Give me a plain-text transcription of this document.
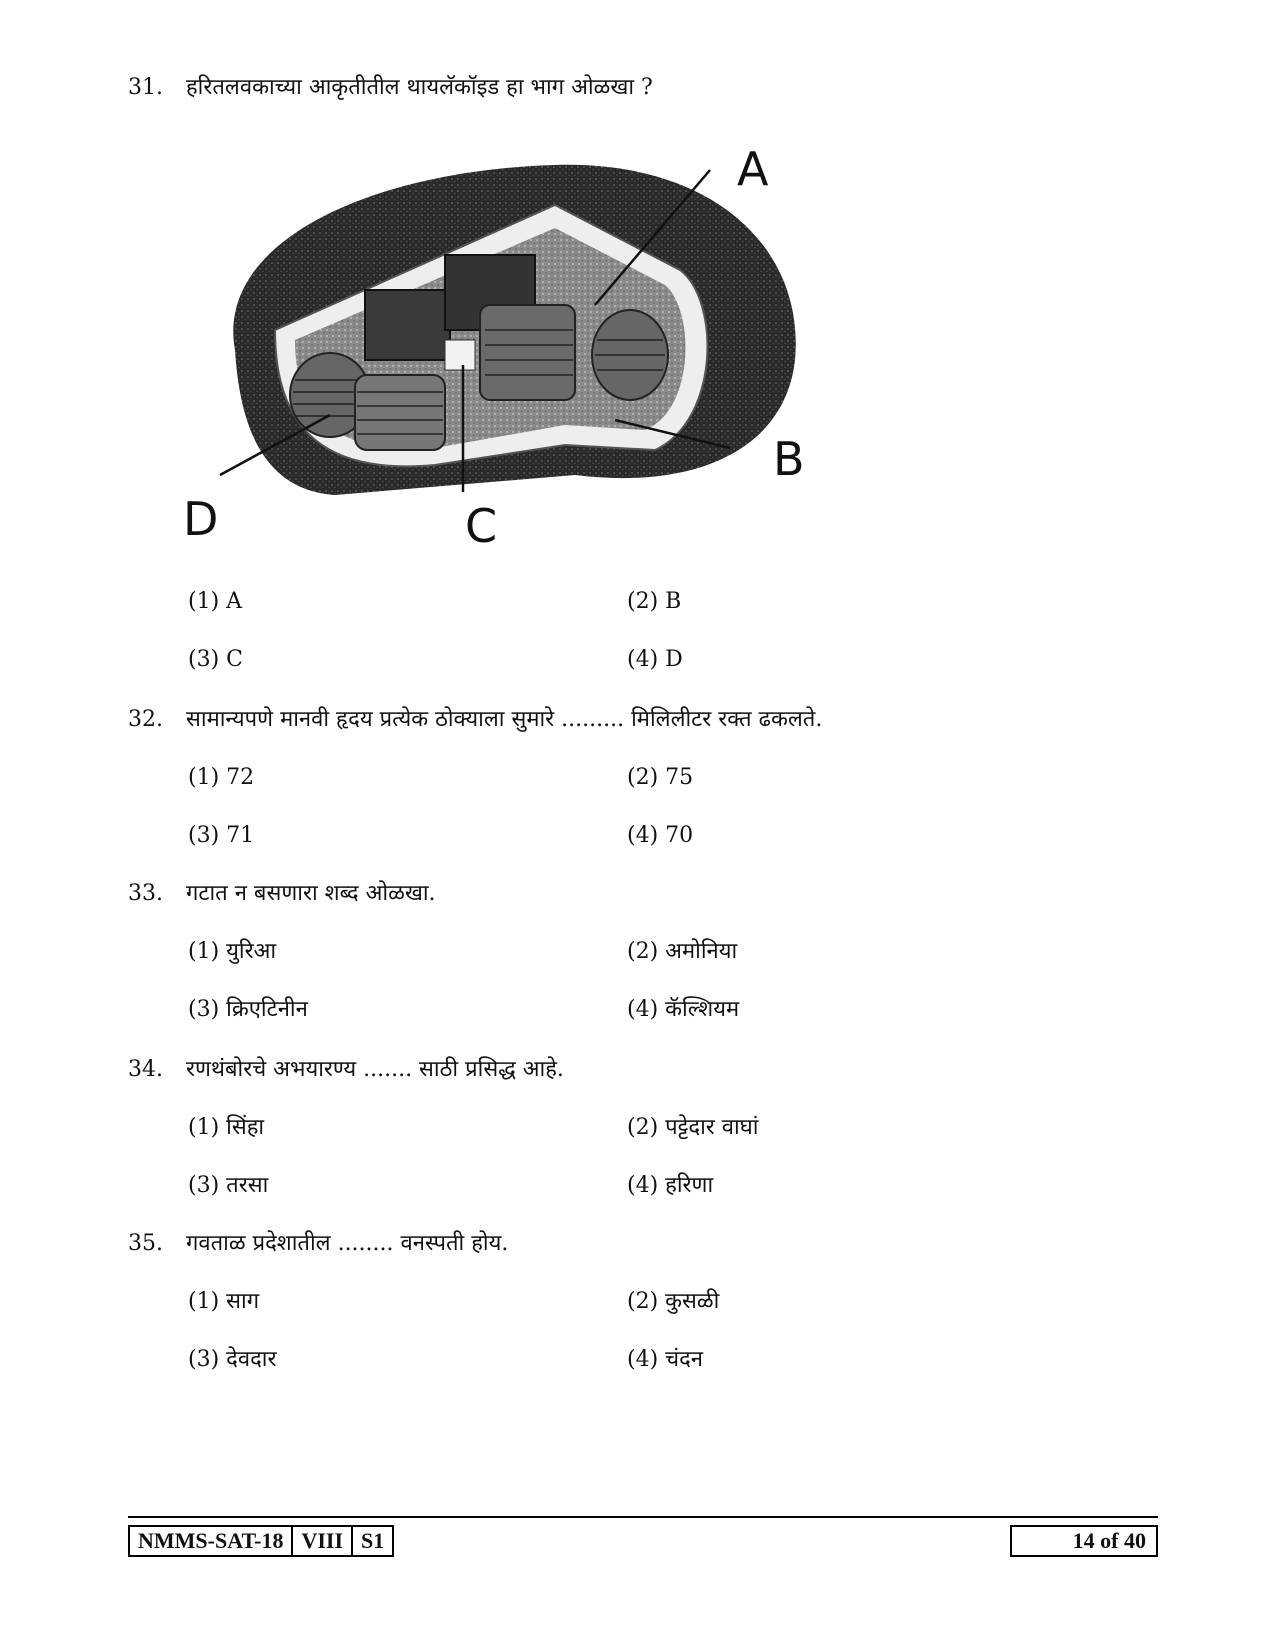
31. हरितलवकाच्या आकृतीतील थायलॅकॉइड हा भाग ओळखा ?
A
B
C
D
(1) A	(2) B
(3) C	(4) D
32. सामान्यपणे मानवी हृदय प्रत्येक ठोक्याला सुमारे ......... मिलिलीटर रक्त ढकलते.
(1) 72	(2) 75
(3) 71	(4) 70
33. गटात न बसणारा शब्द ओळखा.
(1) युरिआ	(2) अमोनिया
(3) क्रिएटिनीन	(4) कॅल्शियम
34. रणथंबोरचे अभयारण्य ....... साठी प्रसिद्ध आहे.
(1) सिंहा	(2) पट्टेदार वाघां
(3) तरसा	(4) हरिणा
35. गवताळ प्रदेशातील ........ वनस्पती होय.
(1) साग	(2) कुसळी
(3) देवदार	(4) चंदन
NMMS-SAT-18 VIII S1	14 of 40
